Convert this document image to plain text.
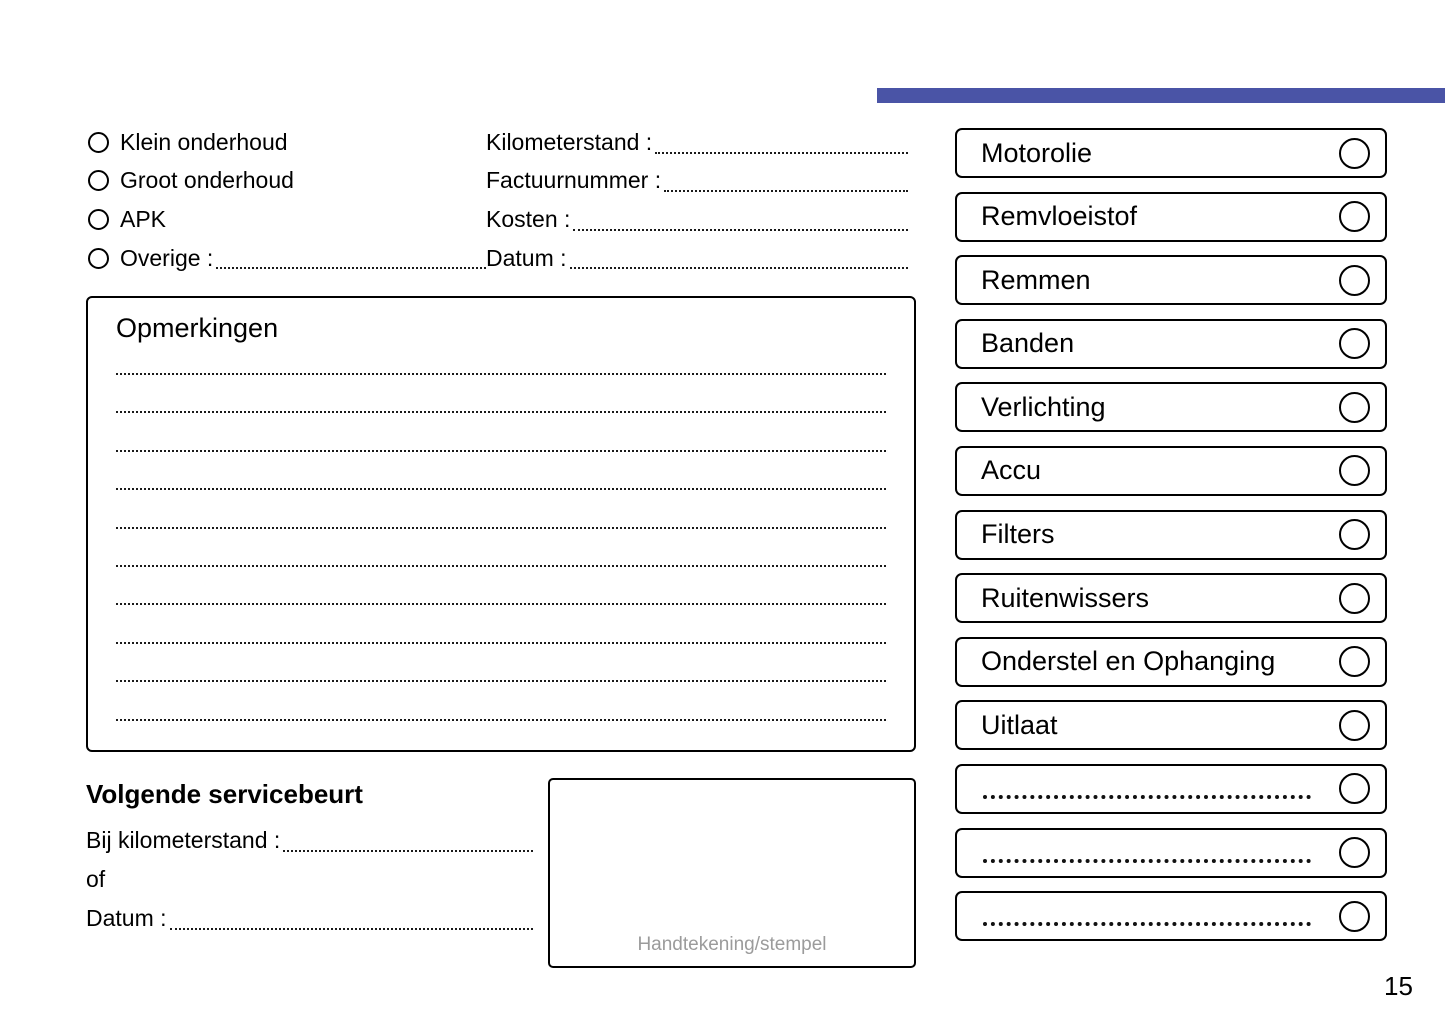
Klein onderhoud
Groot onderhoud
APK
Overige :
Kilometerstand :
Factuurnummer :
Kosten :
Datum :
Opmerkingen
Volgende servicebeurt
Bij kilometerstand :
of
Datum :
Handtekening/stempel
Motorolie
Remvloeistof
Remmen
Banden
Verlichting
Accu
Filters
Ruitenwissers
Onderstel en Ophanging
Uitlaat
15
